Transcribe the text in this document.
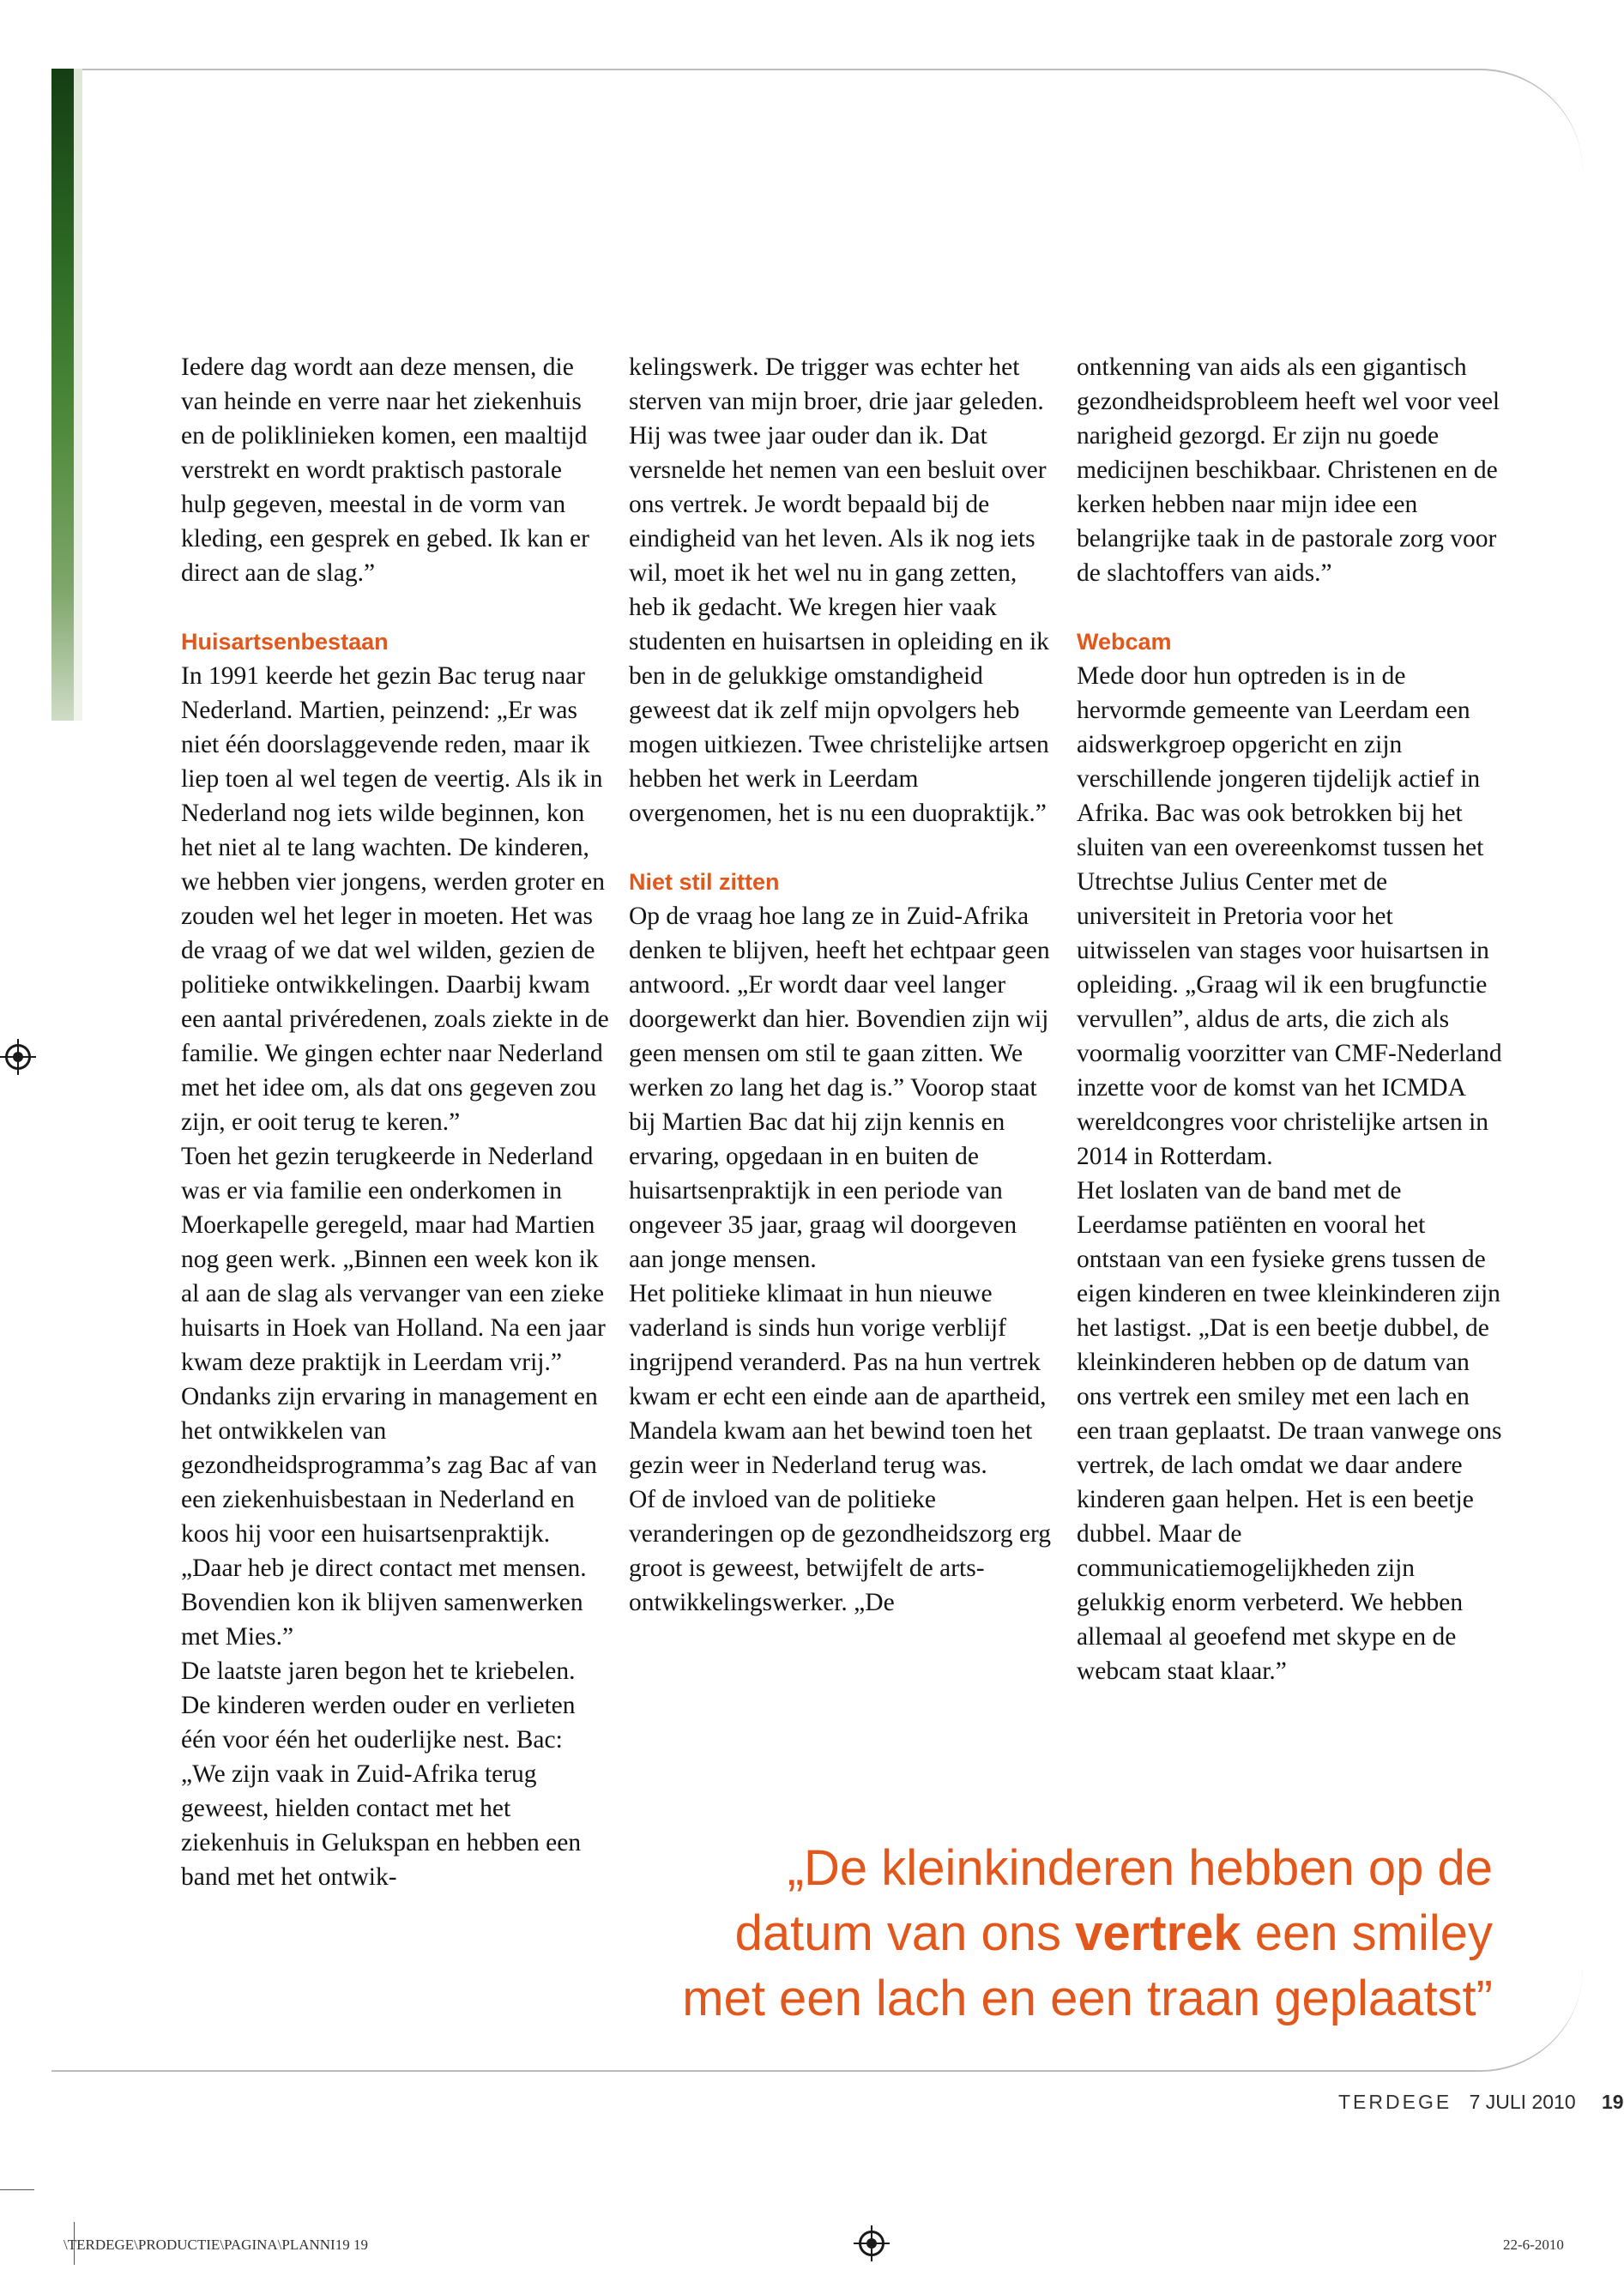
Iedere dag wordt aan deze mensen, die van heinde en verre naar het ziekenhuis en de poliklinieken komen, een maaltijd verstrekt en wordt praktisch pastorale hulp gegeven, meestal in de vorm van kleding, een gesprek en gebed. Ik kan er direct aan de slag.”

Huisartsenbestaan

In 1991 keerde het gezin Bac terug naar Nederland. Martien, peinzend: „Er was niet één doorslaggevende reden, maar ik liep toen al wel tegen de veertig. Als ik in Nederland nog iets wilde beginnen, kon het niet al te lang wachten. De kinderen, we hebben vier jongens, werden groter en zouden wel het leger in moeten. Het was de vraag of we dat wel wilden, gezien de politieke ontwikkelingen. Daarbij kwam een aantal privéredenen, zoals ziekte in de familie. We gingen echter naar Nederland met het idee om, als dat ons gegeven zou zijn, er ooit terug te keren.”

Toen het gezin terugkeerde in Nederland was er via familie een onderkomen in Moerkapelle geregeld, maar had Martien nog geen werk. „Binnen een week kon ik al aan de slag als vervanger van een zieke huisarts in Hoek van Holland. Na een jaar kwam deze praktijk in Leerdam vrij.” Ondanks zijn ervaring in management en het ontwikkelen van gezondheidsprogramma’s zag Bac af van een ziekenhuisbestaan in Nederland en koos hij voor een huisartsenpraktijk. „Daar heb je direct contact met mensen. Bovendien kon ik blijven samenwerken met Mies.”

De laatste jaren begon het te kriebelen. De kinderen werden ouder en verlieten één voor één het ouderlijke nest. Bac: „We zijn vaak in Zuid-Afrika terug geweest, hielden contact met het ziekenhuis in Gelukspan en hebben een band met het ontwik-

kelingswerk. De trigger was echter het sterven van mijn broer, drie jaar geleden. Hij was twee jaar ouder dan ik. Dat versnelde het nemen van een besluit over ons vertrek. Je wordt bepaald bij de eindigheid van het leven. Als ik nog iets wil, moet ik het wel nu in gang zetten, heb ik gedacht. We kregen hier vaak studenten en huisartsen in opleiding en ik ben in de gelukkige omstandigheid geweest dat ik zelf mijn opvolgers heb mogen uitkiezen. Twee christelijke artsen hebben het werk in Leerdam overgenomen, het is nu een duopraktijk.”

Niet stil zitten

Op de vraag hoe lang ze in Zuid-Afrika denken te blijven, heeft het echtpaar geen antwoord. „Er wordt daar veel langer doorgewerkt dan hier. Bovendien zijn wij geen mensen om stil te gaan zitten. We werken zo lang het dag is.” Voorop staat bij Martien Bac dat hij zijn kennis en ervaring, opgedaan in en buiten de huisartsenpraktijk in een periode van ongeveer 35 jaar, graag wil doorgeven aan jonge mensen.

Het politieke klimaat in hun nieuwe vaderland is sinds hun vorige verblijf ingrijpend veranderd. Pas na hun vertrek kwam er echt een einde aan de apartheid, Mandela kwam aan het bewind toen het gezin weer in Nederland terug was.

Of de invloed van de politieke veranderingen op de gezondheidszorg erg groot is geweest, betwijfelt de arts-ontwikkelingswerker. „De

ontkenning van aids als een gigantisch gezondheidsprobleem heeft wel voor veel narigheid gezorgd. Er zijn nu goede medicijnen beschikbaar. Christenen en de kerken hebben naar mijn idee een belangrijke taak in de pastorale zorg voor de slachtoffers van aids.”

Webcam

Mede door hun optreden is in de hervormde gemeente van Leerdam een aidswerkgroep opgericht en zijn verschillende jongeren tijdelijk actief in Afrika. Bac was ook betrokken bij het sluiten van een overeenkomst tussen het Utrechtse Julius Center met de universiteit in Pretoria voor het uitwisselen van stages voor huisartsen in opleiding. „Graag wil ik een brugfunctie vervullen”, aldus de arts, die zich als voormalig voorzitter van CMF-Nederland inzette voor de komst van het ICMDA wereldcongres voor christelijke artsen in 2014 in Rotterdam.

Het loslaten van de band met de Leerdamse patiënten en vooral het ontstaan van een fysieke grens tussen de eigen kinderen en twee kleinkinderen zijn het lastigst. „Dat is een beetje dubbel, de kleinkinderen hebben op de datum van ons vertrek een smiley met een lach en een traan geplaatst. De traan vanwege ons vertrek, de lach omdat we daar andere kinderen gaan helpen. Het is een beetje dubbel. Maar de communicatiemogelijkheden zijn gelukkig enorm verbeterd. We hebben allemaal al geoefend met skype en de webcam staat klaar.”

„De kleinkinderen hebben op de
datum van ons vertrek een smiley
met een lach en een traan geplaatst”
TERDEGE 7 JULI 2010 19
\TERDEGE\PRODUCTIE\PAGINA\PLANNI19 19	22-6-2010
